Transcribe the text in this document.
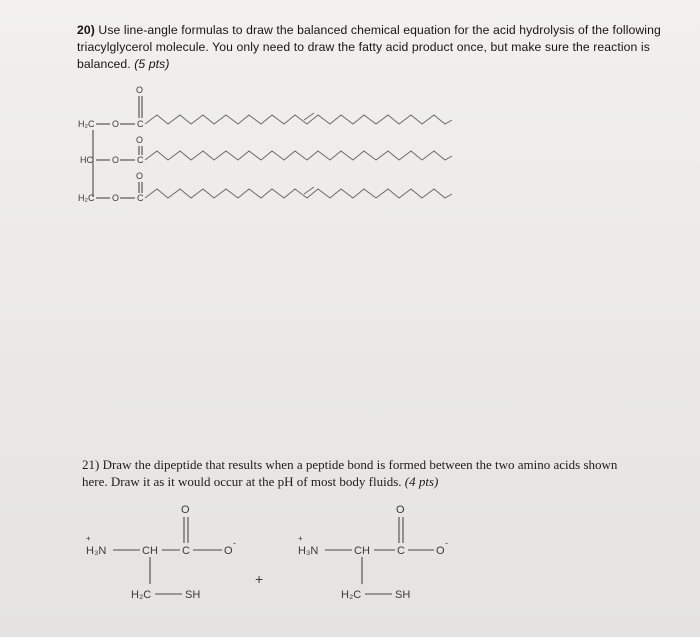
20) Use line-angle formulas to draw the balanced chemical equation for the acid hydrolysis of the following triacylglycerol molecule. You only need to draw the fatty acid product once, but make sure the reaction is balanced. (5 pts)
H₂C O C
O
HC O C
O
H₂C O C
O
+
H₃N	CH C
O
O
-
H₂C	SH
+
+
H₃N	CH C
O
O
-
H₂C	SH
21) Draw the dipeptide that results when a peptide bond is formed between the two amino acids shown here. Draw it as it would occur at the pH of most body fluids. (4 pts)
